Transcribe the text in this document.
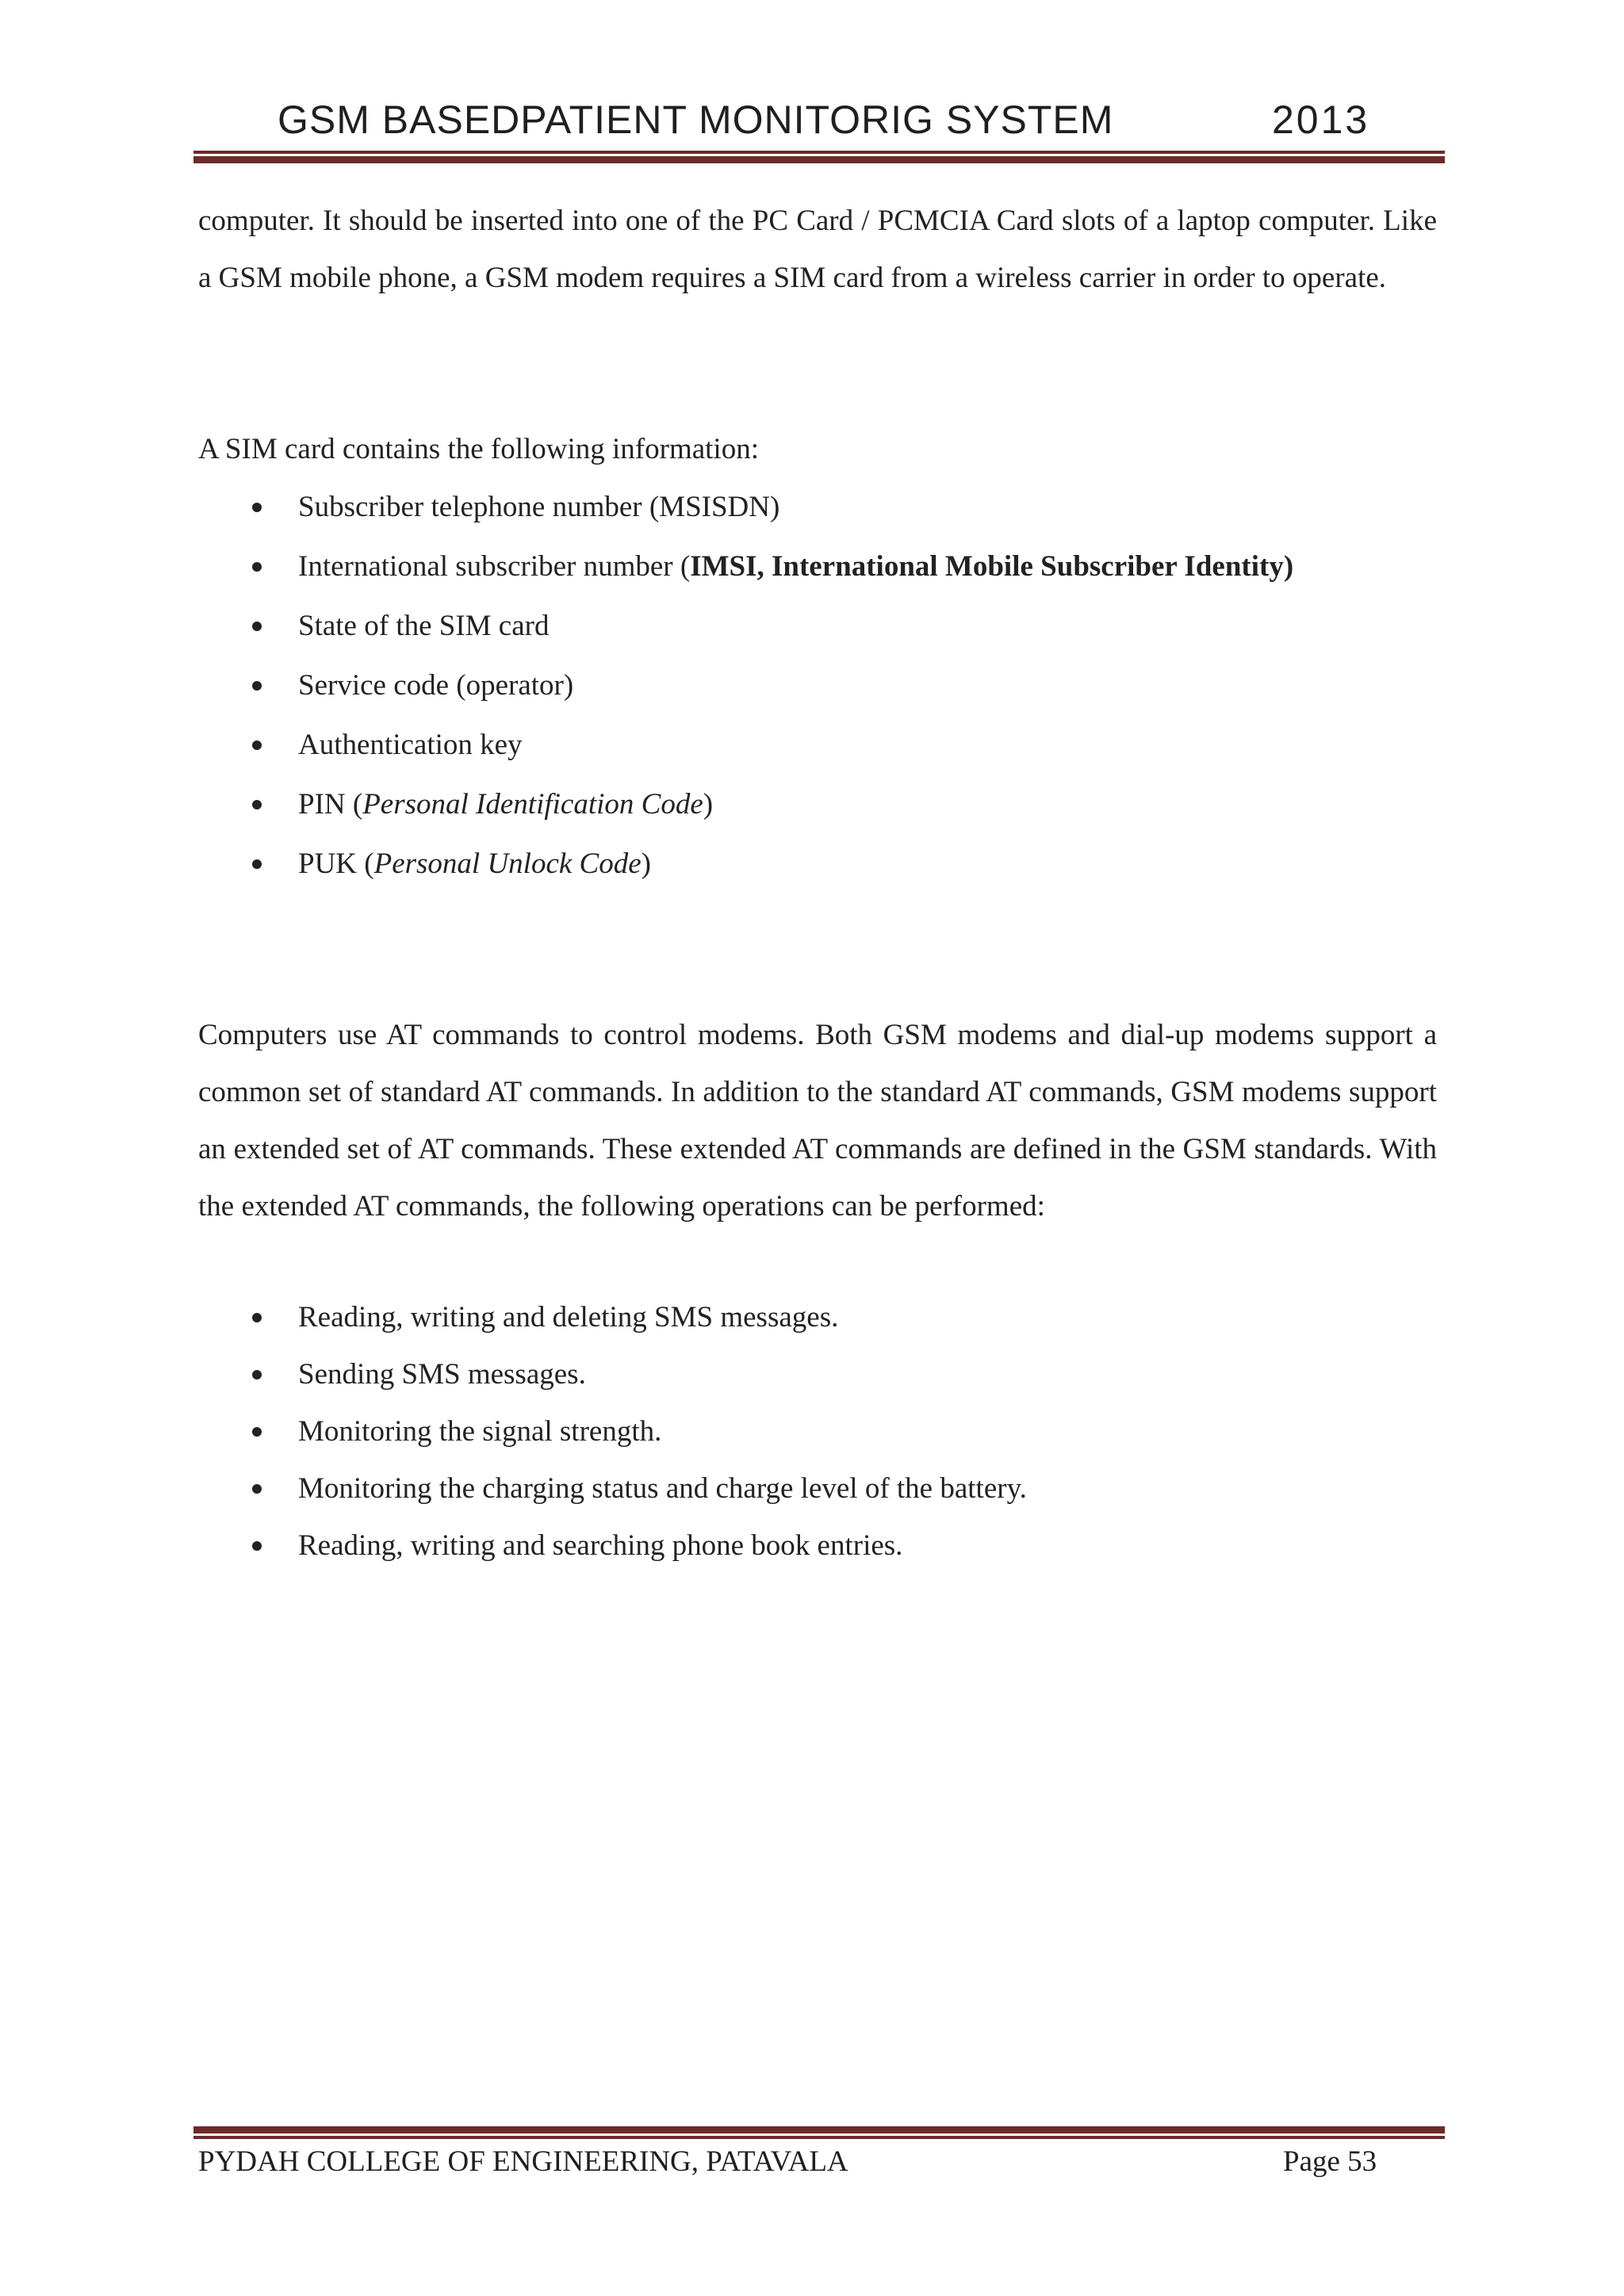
GSM BASEDPATIENT MONITORIG SYSTEM	2013

computer. It should be inserted into one of the PC Card / PCMCIA Card slots of a laptop computer. Like a GSM mobile phone, a GSM modem requires a SIM card from a wireless carrier in order to operate.

A SIM card contains the following information:

Subscriber telephone number (MSISDN)
International subscriber number (IMSI, International Mobile Subscriber Identity)
State of the SIM card
Service code (operator)
Authentication key
PIN (Personal Identification Code)
PUK (Personal Unlock Code)

Computers use AT commands to control modems. Both GSM modems and dial-up modems support a common set of standard AT commands. In addition to the standard AT commands, GSM modems support an extended set of AT commands. These extended AT commands are defined in the GSM standards. With the extended AT commands, the following operations can be performed:

Reading, writing and deleting SMS messages.
Sending SMS messages.
Monitoring the signal strength.
Monitoring the charging status and charge level of the battery.
Reading, writing and searching phone book entries.
PYDAH COLLEGE OF ENGINEERING, PATAVALA	Page 53
